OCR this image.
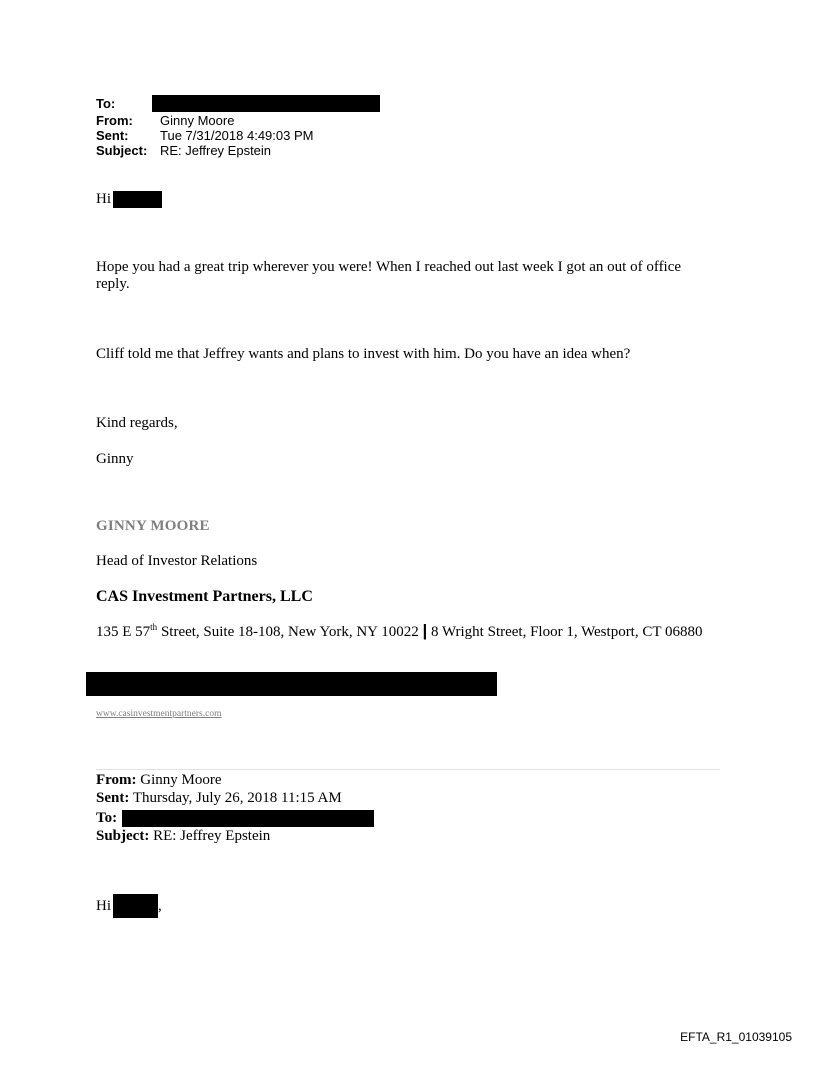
To:
From: Ginny Moore
Sent: Tue 7/31/2018 4:49:03 PM
Subject: RE: Jeffrey Epstein
Hi
Hope you had a great trip wherever you were! When I reached out last week I got an out of office reply.
Cliff told me that Jeffrey wants and plans to invest with him. Do you have an idea when?
Kind regards,
Ginny
GINNY MOORE
Head of Investor Relations
CAS Investment Partners, LLC
135 E 57th Street, Suite 18-108, New York, NY 10022 | 8 Wright Street, Floor 1, Westport, CT 06880
www.casinvestmentpartners.com
From: Ginny Moore
Sent: Thursday, July 26, 2018 11:15 AM
To:
Subject: RE: Jeffrey Epstein
Hi	,
EFTA_R1_01039105
